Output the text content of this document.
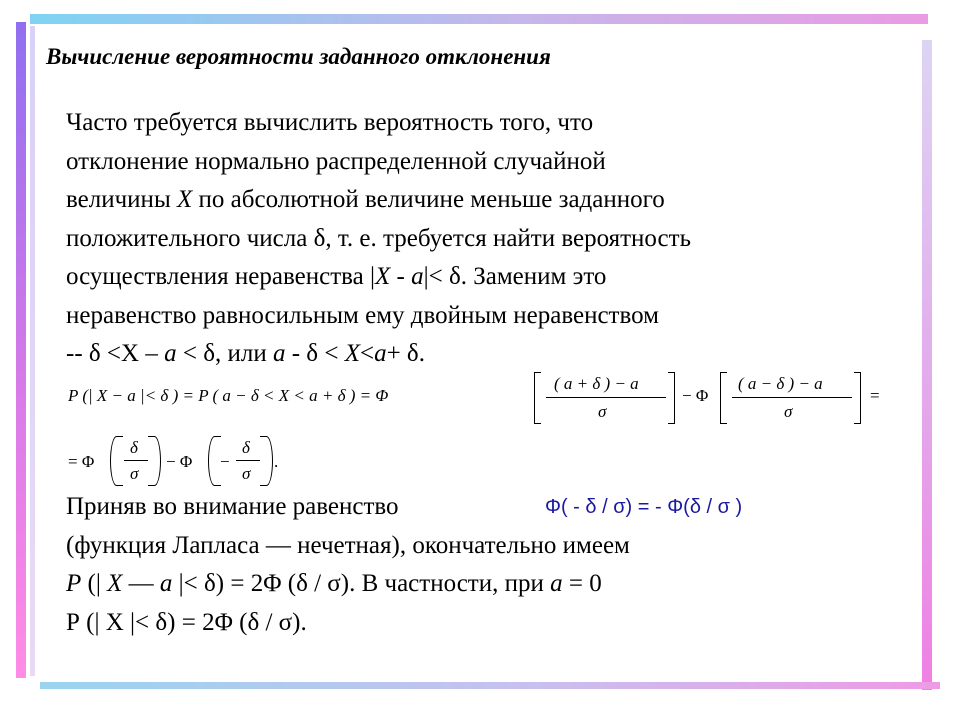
Вычисление вероятности заданного отклонения
Часто требуется вычислить вероятность того, что
отклонение нормально распределенной случайной
величины X по абсолютной величине меньше заданного
положительного числа δ, т. е. требуется найти вероятность
осуществления неравенства |X - a|< δ. Заменим это
неравенство равносильным ему двойным неравенством
-- δ <X – a < δ, или a - δ < X<a+ δ.
P (| X − a |< δ ) = P ( a − δ < X < a + δ ) = Φ
( a + δ ) − a
σ
− Φ
( a − δ ) − a
σ
=
= Φ
δ
σ
− Φ −
δ
σ
.
Приняв во внимание равенство
(функция Лапласа — нечетная), окончательно имеем
P (| X — a |< δ) = 2Φ (δ / σ). В частности, при a = 0
Р (| Х |< δ) = 2Φ (δ / σ).
Φ( - δ / σ) = - Φ(δ / σ )
